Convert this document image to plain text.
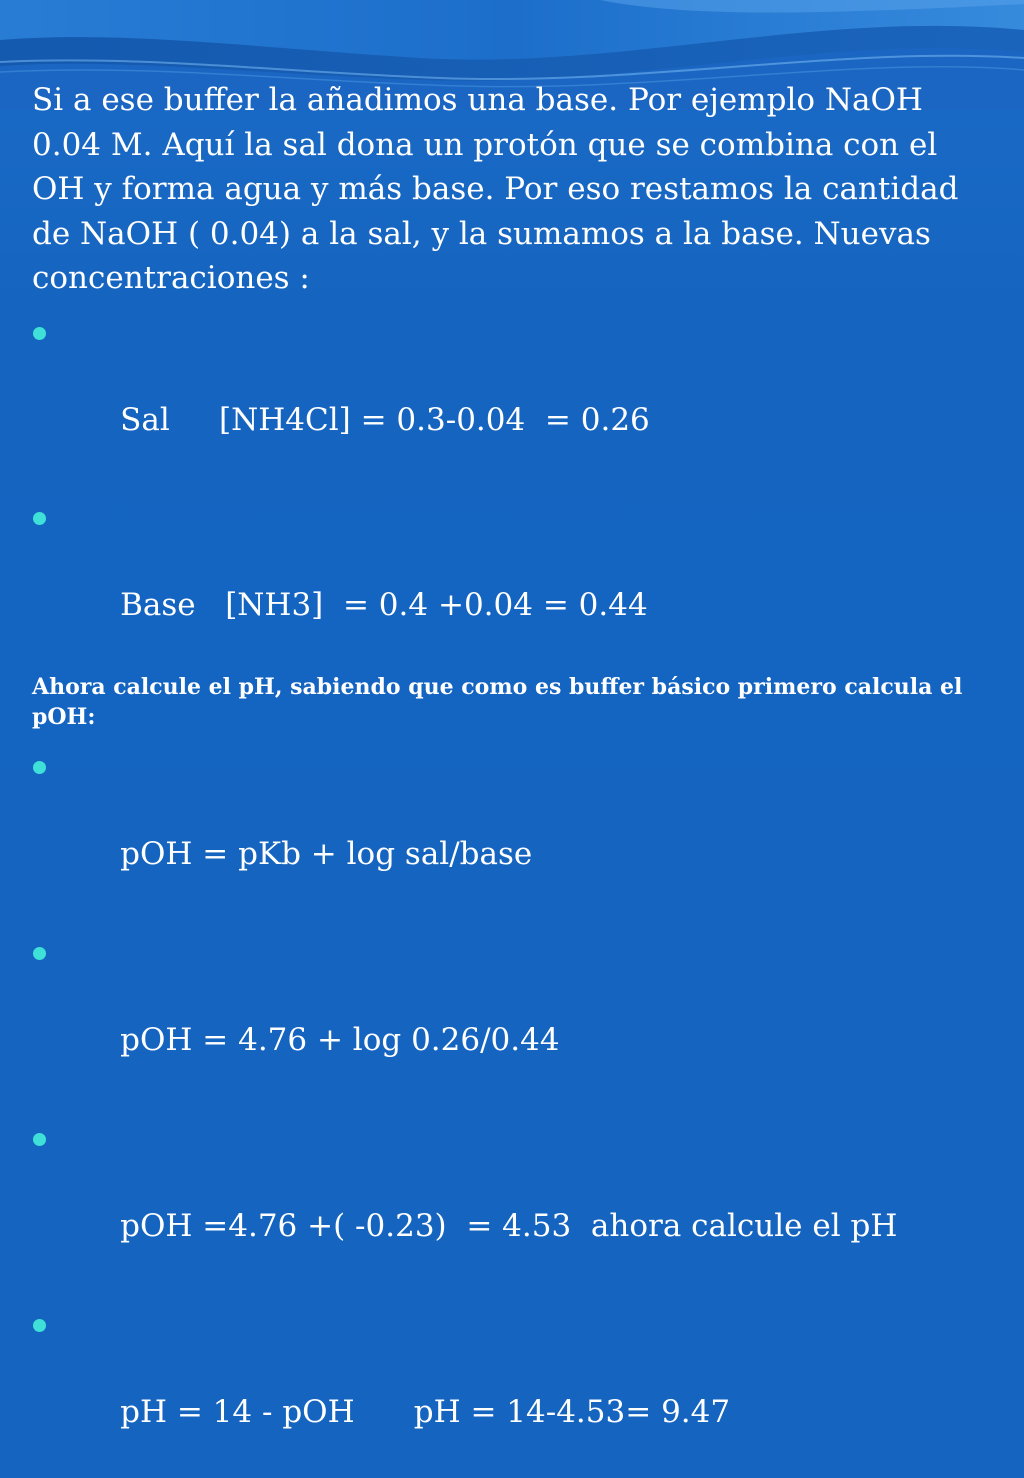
Si a ese buffer la añadimos una base. Por ejemplo NaOH 0.04 M. Aquí la sal dona un protón que se combina con el OH y forma agua y más base. Por eso restamos la cantidad de NaOH ( 0.04) a la sal, y la sumamos a la base. Nuevas concentraciones :

Sal     [NH4Cl] = 0.3-0.04  = 0.26

Base   [NH3]  = 0.4 +0.04 = 0.44

Ahora calcule el pH, sabiendo que como es buffer básico primero calcula el pOH:

pOH = pKb + log sal/base

pOH = 4.76 + log 0.26/0.44

pOH =4.76 +( -0.23)  = 4.53  ahora calcule el pH

pH = 14 - pOH      pH = 14-4.53= 9.47
